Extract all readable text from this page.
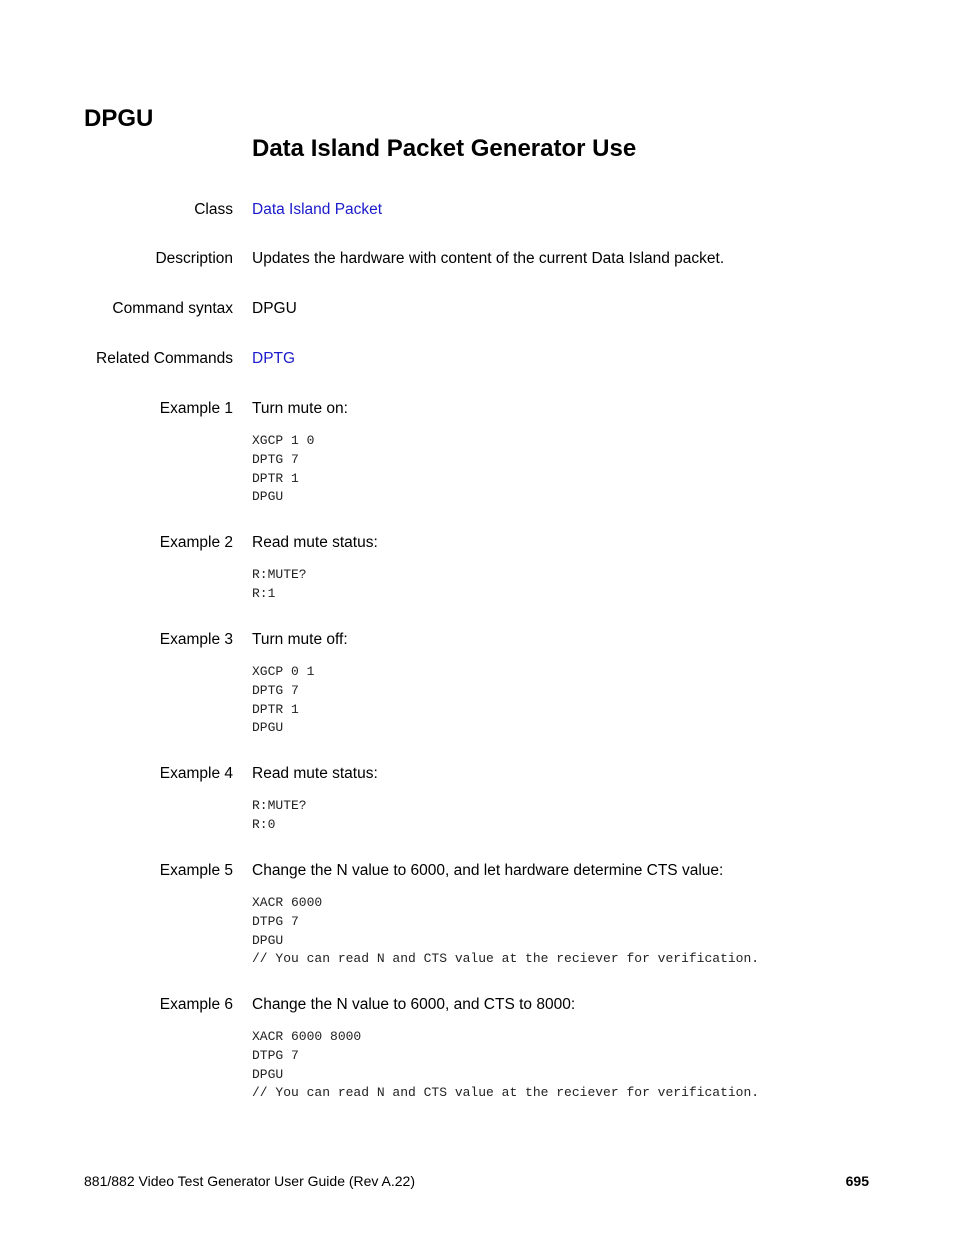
DPGU
Data Island Packet Generator Use
Class Data Island Packet
Description Updates the hardware with content of the current Data Island packet.
Command syntax DPGU
Related Commands DPTG
Example 1 Turn mute on:
XGCP 1 0
DPTG 7
DPTR 1
DPGU
Example 2 Read mute status:
R:MUTE?
R:1
Example 3 Turn mute off:
XGCP 0 1
DPTG 7
DPTR 1
DPGU
Example 4 Read mute status:
R:MUTE?
R:0
Example 5 Change the N value to 6000, and let hardware determine CTS value:
XACR 6000
DTPG 7
DPGU
// You can read N and CTS value at the reciever for verification.
Example 6 Change the N value to 6000, and CTS to 8000:
XACR 6000 8000
DTPG 7
DPGU
// You can read N and CTS value at the reciever for verification.
881/882 Video Test Generator User Guide (Rev A.22)	695
